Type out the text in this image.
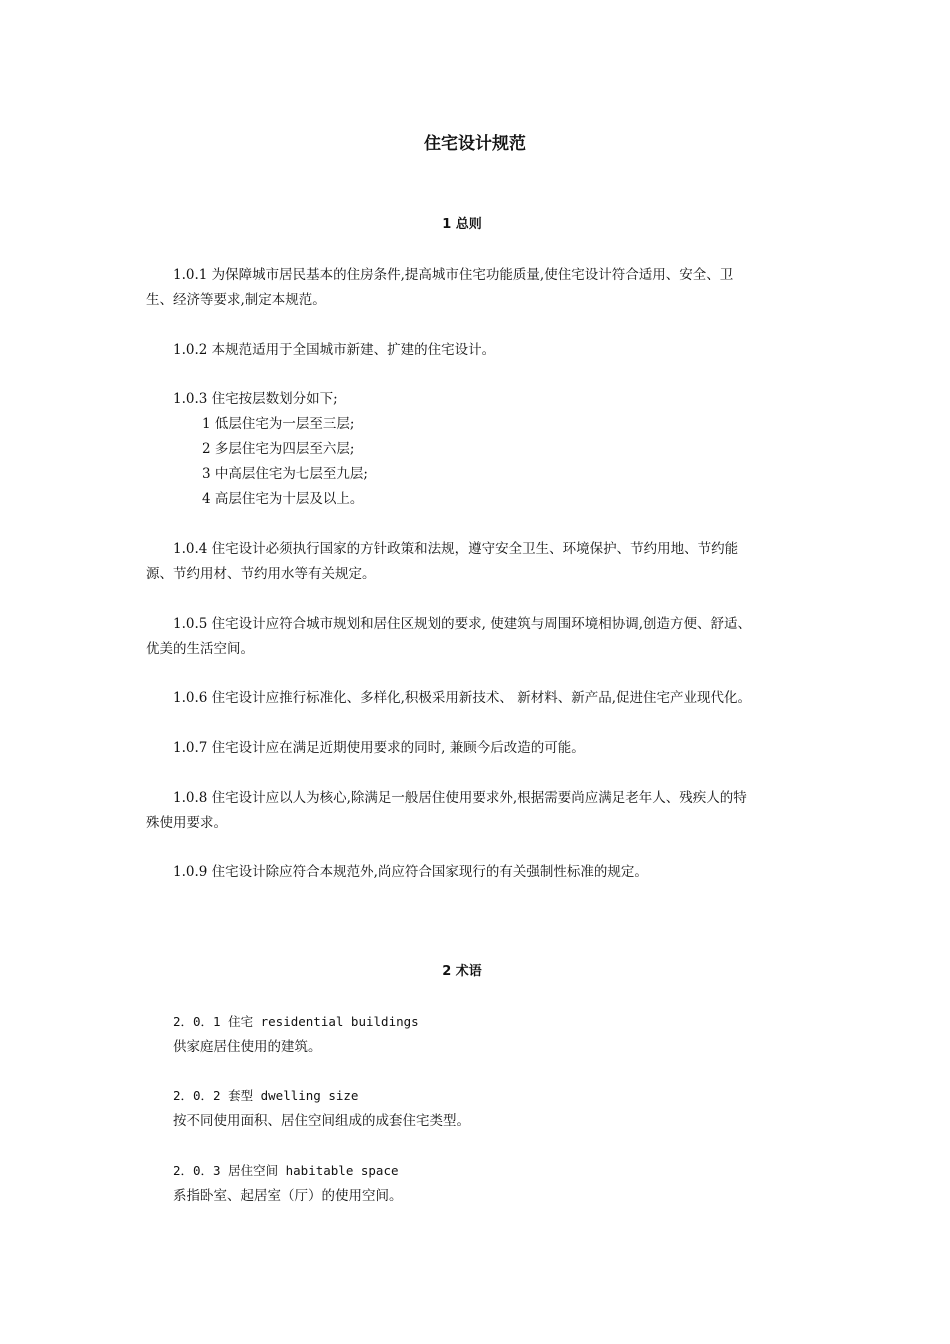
住宅设计规范
1 总则
1.0.1 为保障城市居民基本的住房条件,提高城市住宅功能质量,使住宅设计符合适用、安全、卫
生、经济等要求,制定本规范。
1.0.2 本规范适用于全国城市新建、扩建的住宅设计。
1.0.3 住宅按层数划分如下;
1 低层住宅为一层至三层;
2 多层住宅为四层至六层;
3 中高层住宅为七层至九层;
4 高层住宅为十层及以上。
1.0.4 住宅设计必须执行国家的方针政策和法规，遵守安全卫生、环境保护、节约用地、节约能
源、节约用材、节约用水等有关规定。
1.0.5 住宅设计应符合城市规划和居住区规划的要求, 使建筑与周围环境相协调,创造方便、舒适、
优美的生活空间。
1.0.6 住宅设计应推行标准化、多样化,积极采用新技术、 新材料、新产品,促进住宅产业现代化。
1.0.7 住宅设计应在满足近期使用要求的同时, 兼顾今后改造的可能。
1.0.8 住宅设计应以人为核心,除满足一般居住使用要求外,根据需要尚应满足老年人、残疾人的特
殊使用要求。
1.0.9 住宅设计除应符合本规范外,尚应符合国家现行的有关强制性标准的规定。
2 术语
2．0．1 住宅 residential buildings
供家庭居住使用的建筑。
2．0．2 套型 dwelling size
按不同使用面积、居住空间组成的成套住宅类型。
2．0．3 居住空间 habitable space
系指卧室、起居室（厅）的使用空间。
